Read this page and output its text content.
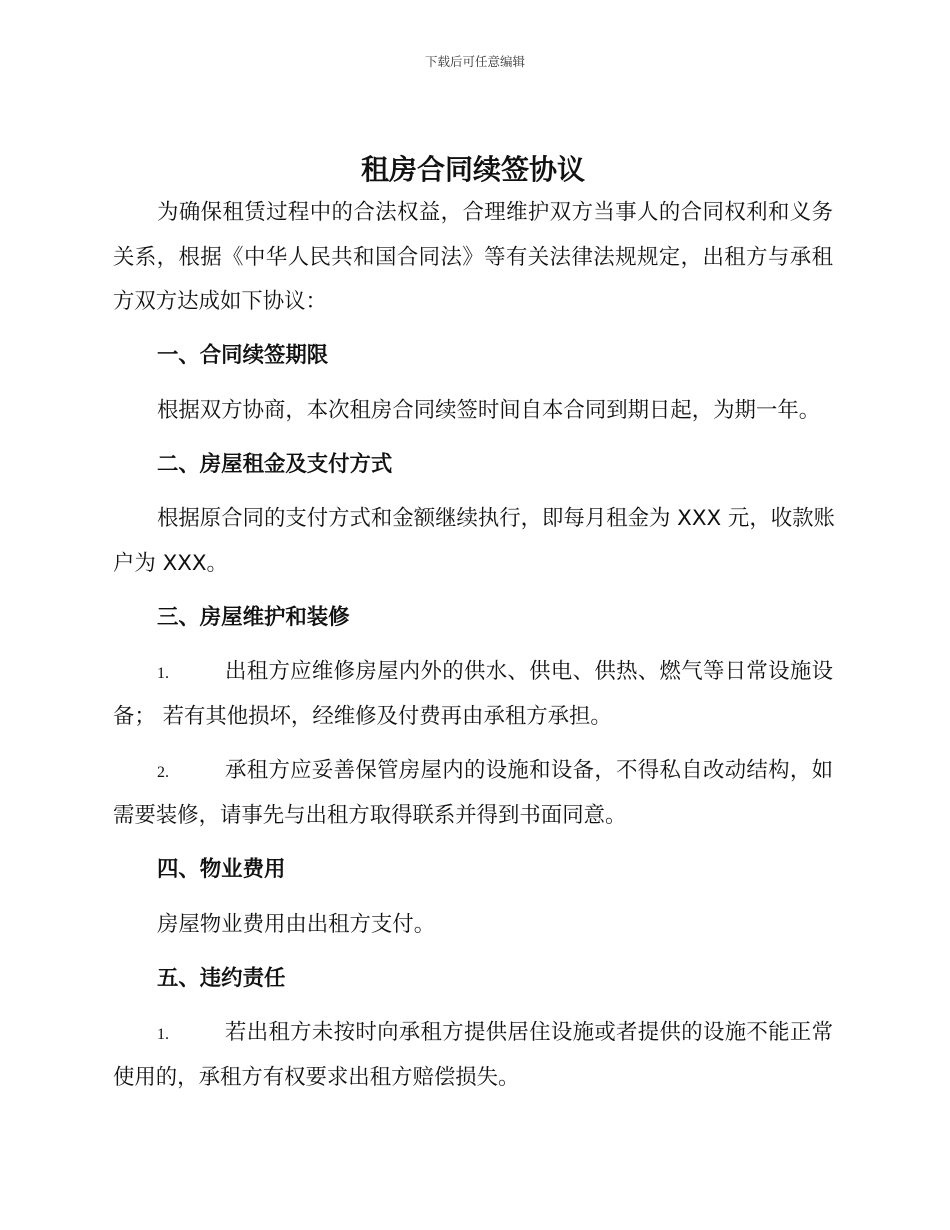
下载后可任意编辑
租房合同续签协议
为确保租赁过程中的合法权益，合理维护双方当事人的合同权利和义务
关系，根据《中华人民共和国合同法》等有关法律法规规定，出租方与承租
方双方达成如下协议：
一、合同续签期限
根据双方协商，本次租房合同续签时间自本合同到期日起，为期一年。
二、房屋租金及支付方式
根据原合同的支付方式和金额继续执行，即每月租金为 XXX 元，收款账
户为 XXX。
三、房屋维护和装修
1.	出租方应维修房屋内外的供水、供电、供热、燃气等日常设施设
备； 若有其他损坏，经维修及付费再由承租方承担。
2.	承租方应妥善保管房屋内的设施和设备，不得私自改动结构，如
需要装修，请事先与出租方取得联系并得到书面同意。
四、物业费用
房屋物业费用由出租方支付。
五、违约责任
1.	若出租方未按时向承租方提供居住设施或者提供的设施不能正常
使用的，承租方有权要求出租方赔偿损失。
